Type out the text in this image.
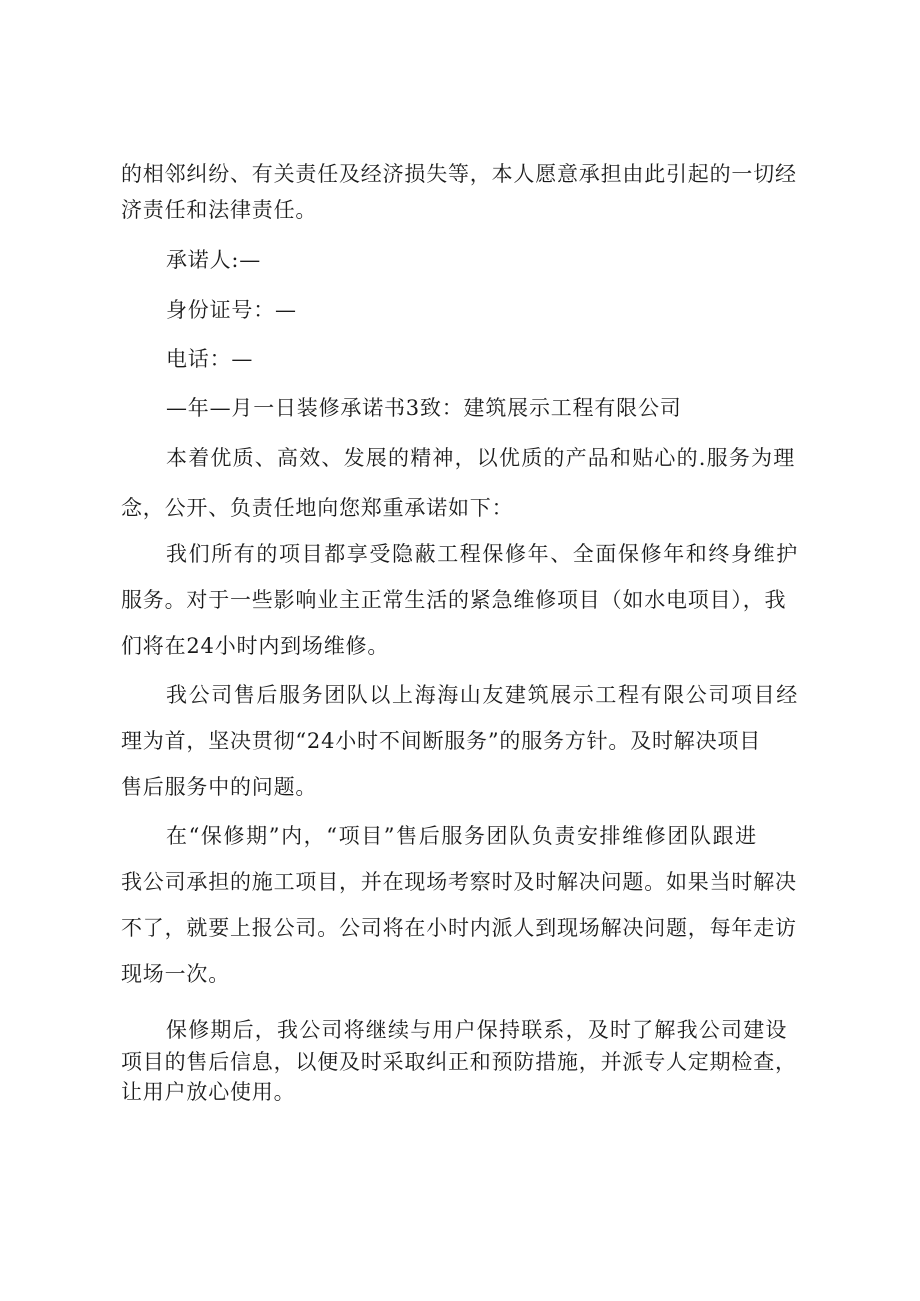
的相邻纠纷、有关责任及经济损失等，本人愿意承担由此引起的一切经
济责任和法律责任。
承诺人:—
身份证号：—
电话：—
—年—月一日装修承诺书3致：建筑展示工程有限公司
本着优质、高效、发展的精神，以优质的产品和贴心的.服务为理
念，公开、负责任地向您郑重承诺如下：
我们所有的项目都享受隐蔽工程保修年、全面保修年和终身维护
服务。对于一些影响业主正常生活的紧急维修项目（如水电项目），我
们将在24小时内到场维修。
我公司售后服务团队以上海海山友建筑展示工程有限公司项目经
理为首，坚决贯彻“24小时不间断服务”的服务方针。及时解决项目
售后服务中的问题。
在“保修期”内，“项目”售后服务团队负责安排维修团队跟进
我公司承担的施工项目，并在现场考察时及时解决问题。如果当时解决
不了，就要上报公司。公司将在小时内派人到现场解决问题，每年走访
现场一次。
保修期后，我公司将继续与用户保持联系，及时了解我公司建设
项目的售后信息，以便及时采取纠正和预防措施，并派专人定期检查，
让用户放心使用。
